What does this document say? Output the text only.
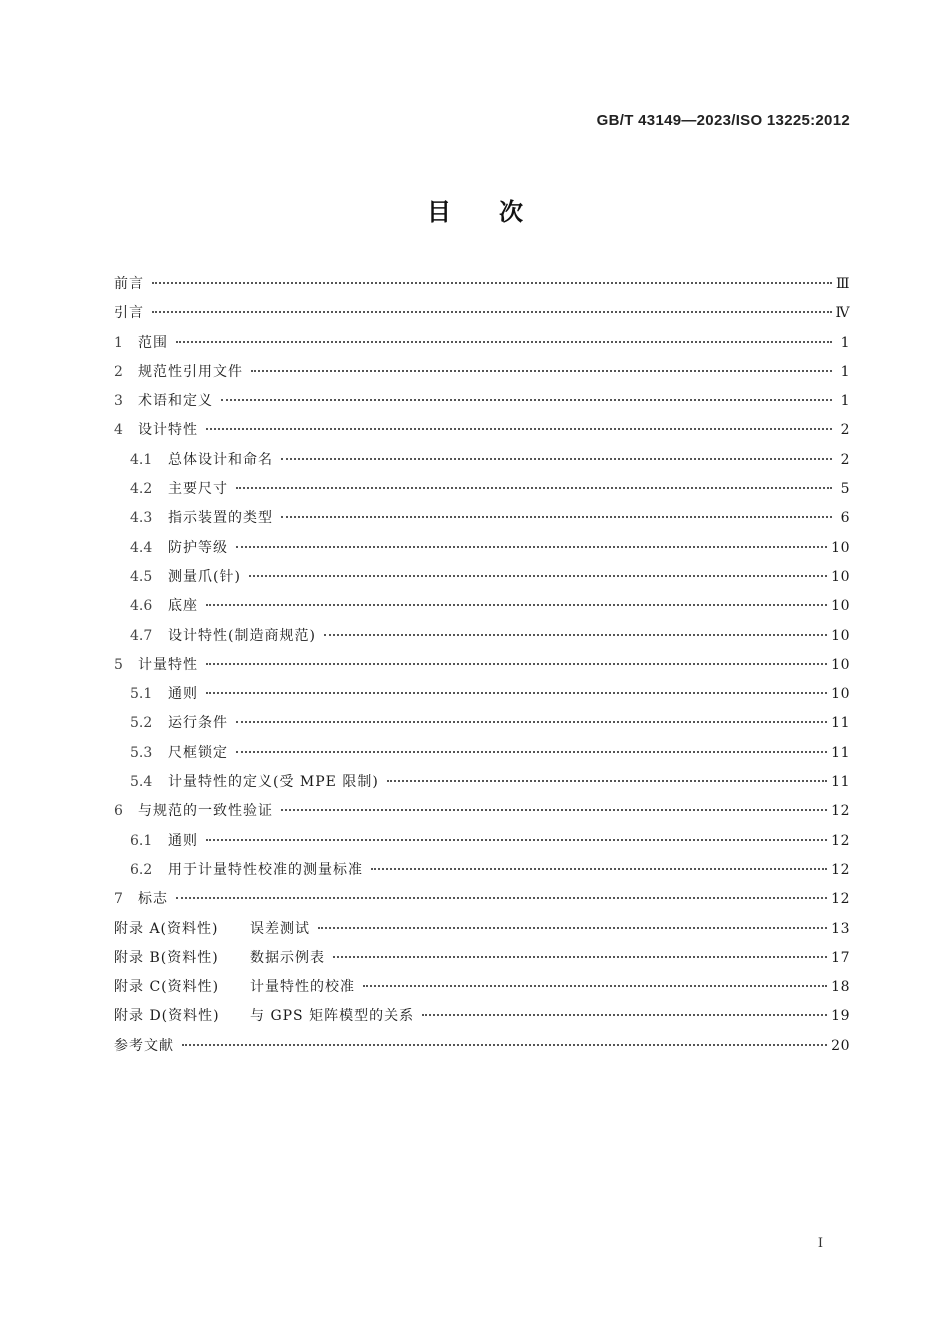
GB/T 43149—2023/ISO 13225:2012
目次
前言	Ⅲ
引言	Ⅳ
1	范围	1
2	规范性引用文件	1
3	术语和定义	1
4	设计特性	2
4.1	总体设计和命名	2
4.2	主要尺寸	5
4.3	指示装置的类型	6
4.4	防护等级	10
4.5	测量爪(针)	10
4.6	底座	10
4.7	设计特性(制造商规范)	10
5	计量特性	10
5.1	通则	10
5.2	运行条件	11
5.3	尺框锁定	11
5.4	计量特性的定义(受 MPE 限制)	11
6	与规范的一致性验证	12
6.1	通则	12
6.2	用于计量特性校准的测量标准	12
7	标志	12
附录 A(资料性)	误差测试	13
附录 B(资料性)	数据示例表	17
附录 C(资料性)	计量特性的校准	18
附录 D(资料性)	与 GPS 矩阵模型的关系	19
参考文献	20
I
